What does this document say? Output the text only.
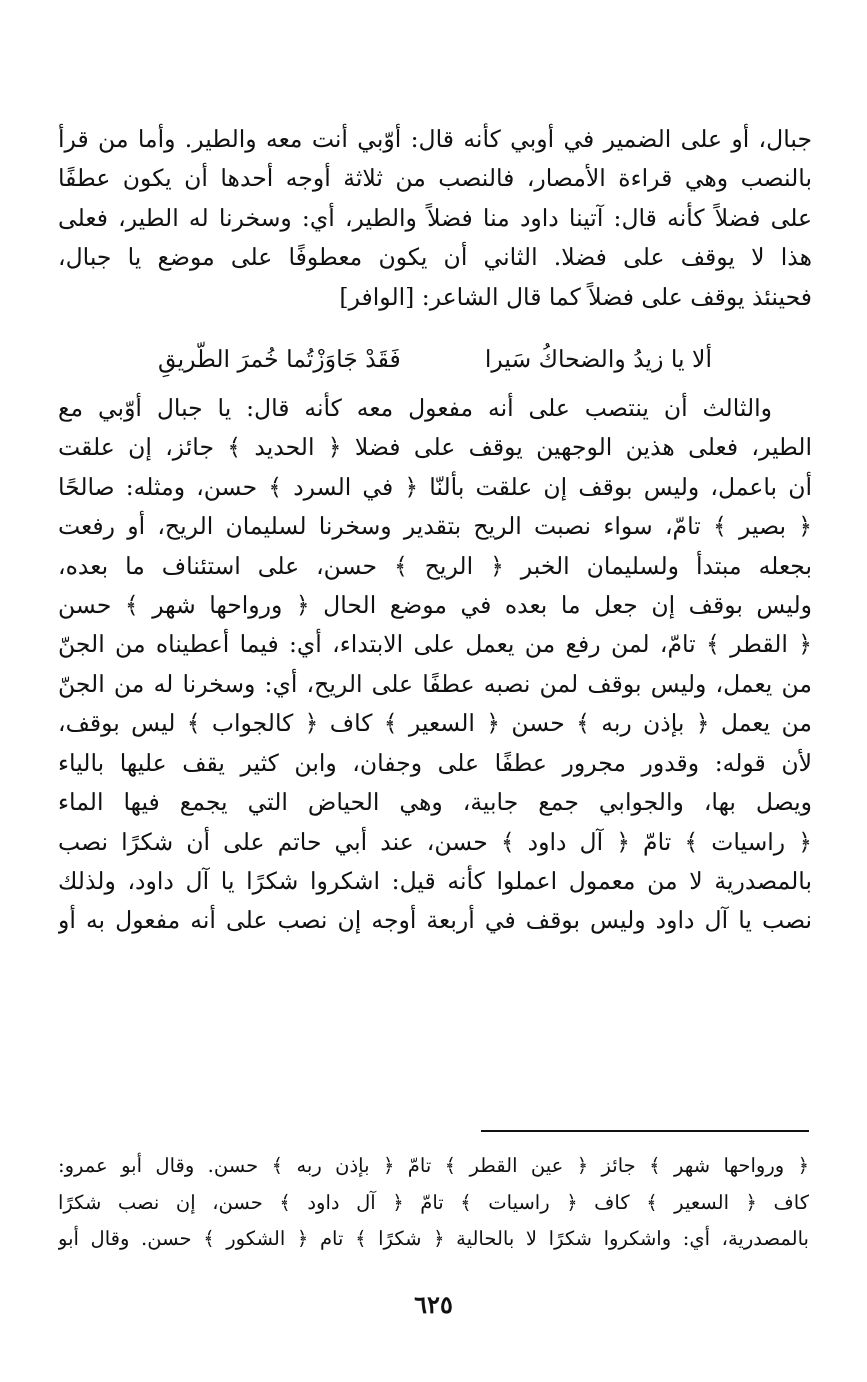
جبال، أو على الضمير في أوبي كأنه قال: أوّبي أنت معه والطير. وأما من قرأ

بالنصب وهي قراءة الأمصار، فالنصب من ثلاثة أوجه أحدها أن يكون عطفًا

على فضلاً كأنه قال: آتينا داود منا فضلاً والطير، أي: وسخرنا له الطير، فعلى

هذا لا يوقف على فضلا. الثاني أن يكون معطوفًا على موضع يا جبال،

فحينئذ يوقف على فضلاً كما قال الشاعر: [الوافر]

ألا يا زيدُ والضحاكُ سَيرا
فَقَدْ جَاوَزْتُما خُمرَ الطّريقِ

والثالث أن ينتصب على أنه مفعول معه كأنه قال: يا جبال أوّبي مع

الطير، فعلى هذين الوجهين يوقف على فضلا ﴿ الحديد ﴾ جائز، إن علقت

أن باعمل، وليس بوقف إن علقت بألنّا ﴿ في السرد ﴾ حسن، ومثله: صالحًا

﴿ بصير ﴾ تامّ، سواء نصبت الريح بتقدير وسخرنا لسليمان الريح، أو رفعت

بجعله مبتدأ ولسليمان الخبر ﴿ الريح ﴾ حسن، على استئناف ما بعده،

وليس بوقف إن جعل ما بعده في موضع الحال ﴿ ورواحها شهر ﴾ حسن

﴿ القطر ﴾ تامّ، لمن رفع من يعمل على الابتداء، أي: فيما أعطيناه من الجنّ

من يعمل، وليس بوقف لمن نصبه عطفًا على الريح، أي: وسخرنا له من الجنّ

من يعمل ﴿ بإذن ربه ﴾ حسن ﴿ السعير ﴾ كاف ﴿ كالجواب ﴾ ليس بوقف،

لأن قوله: وقدور مجرور عطفًا على وجفان، وابن كثير يقف عليها بالياء

ويصل بها، والجوابي جمع جابية، وهي الحياض التي يجمع فيها الماء

﴿ راسيات ﴾ تامّ ﴿ آل داود ﴾ حسن، عند أبي حاتم على أن شكرًا نصب

بالمصدرية لا من معمول اعملوا كأنه قيل: اشكروا شكرًا يا آل داود، ولذلك

نصب يا آل داود وليس بوقف في أربعة أوجه إن نصب على أنه مفعول به أو

﴿ ورواحها شهر ﴾ جائز ﴿ عين القطر ﴾ تامّ ﴿ بإذن ربه ﴾ حسن. وقال أبو عمرو:

كاف ﴿ السعير ﴾ كاف ﴿ راسيات ﴾ تامّ ﴿ آل داود ﴾ حسن، إن نصب شكرًا

بالمصدرية، أي: واشكروا شكرًا لا بالحالية ﴿ شكرًا ﴾ تام ﴿ الشكور ﴾ حسن. وقال أبو

٦٢٥
